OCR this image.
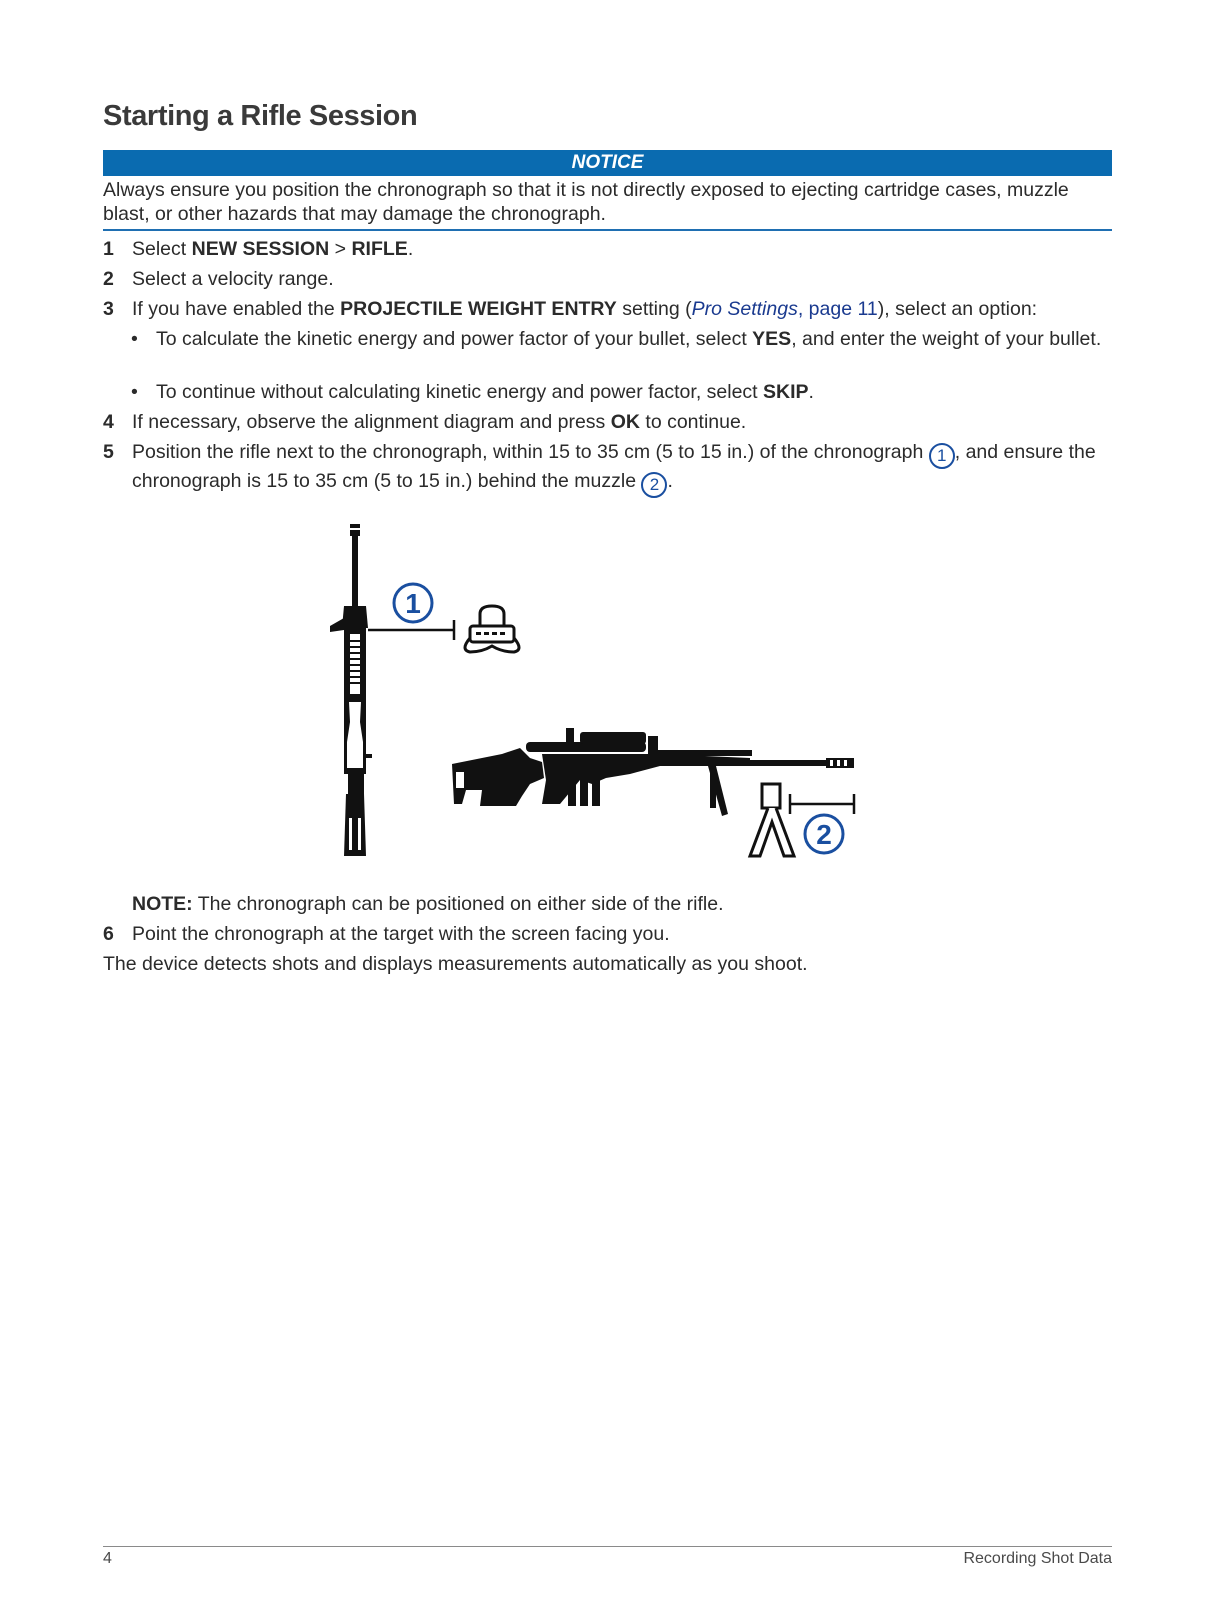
Starting a Rifle Session
NOTICE
Always ensure you position the chronograph so that it is not directly exposed to ejecting cartridge cases, muzzle blast, or other hazards that may damage the chronograph.
1 Select NEW SESSION > RIFLE.
2 Select a velocity range.
3 If you have enabled the PROJECTILE WEIGHT ENTRY setting (Pro Settings, page 11), select an option:
• To calculate the kinetic energy and power factor of your bullet, select YES, and enter the weight of your bullet.
• To continue without calculating kinetic energy and power factor, select SKIP.
4 If necessary, observe the alignment diagram and press OK to continue.
5 Position the rifle next to the chronograph, within 15 to 35 cm (5 to 15 in.) of the chronograph 1 , and ensure the chronograph is 15 to 35 cm (5 to 15 in.) behind the muzzle 2 .
1
2
NOTE: The chronograph can be positioned on either side of the rifle.
6 Point the chronograph at the target with the screen facing you.
The device detects shots and displays measurements automatically as you shoot.
4	Recording Shot Data
